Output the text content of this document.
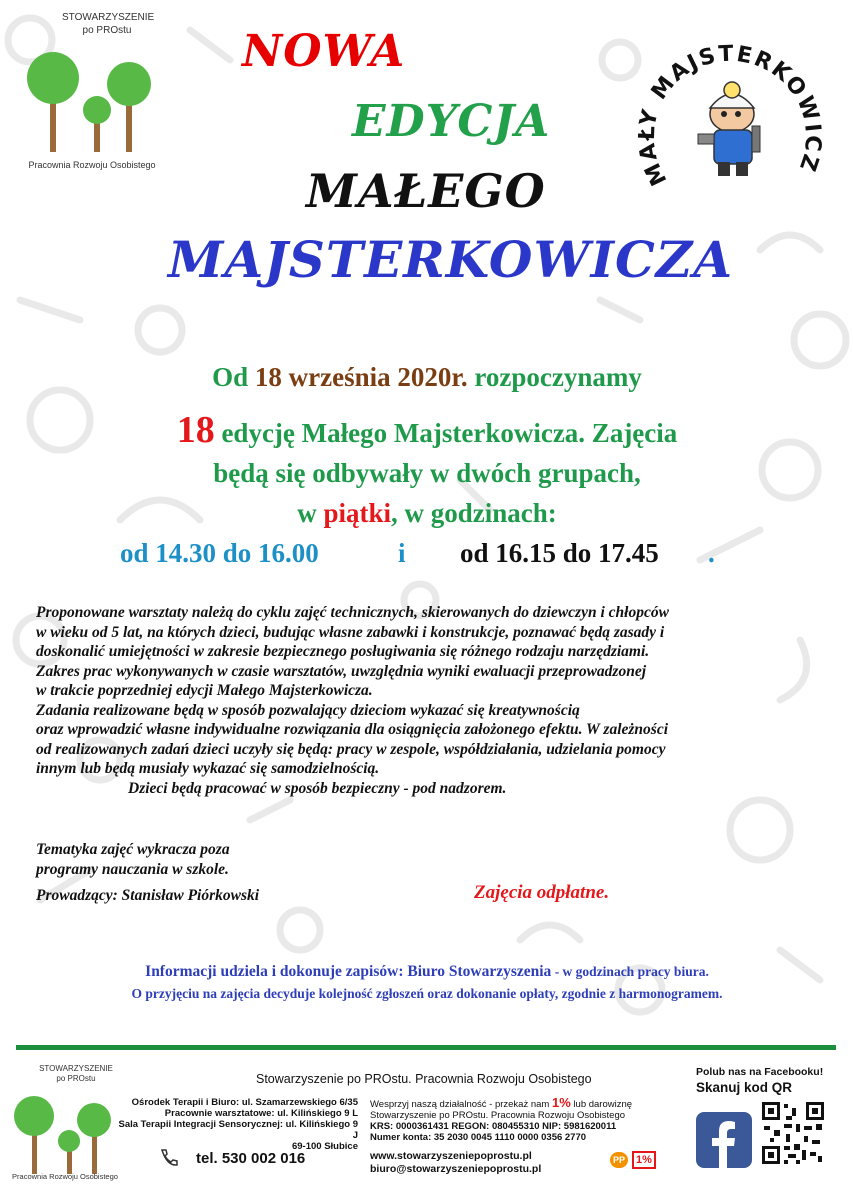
STOWARZYSZENIE
po PROstu
Pracownia Rozwoju Osobistego
NOWA
EDYCJA
MAŁEGO
MAJSTERKOWICZA
MAŁY MAJSTERKOWICZ
Od 18 września 2020r. rozpoczynamy
18 edycję Małego Majsterkowicza. Zajęcia
będą się odbywały w dwóch grupach,
w piątki, w godzinach:
od 14.30 do 16.00	i od 16.15 do 17.45 .
Proponowane warsztaty należą do cyklu zajęć technicznych, skierowanych do dziewczyn i chłopców
w wieku od 5 lat, na których dzieci, budując własne zabawki i konstrukcje, poznawać będą zasady i
doskonalić umiejętności w zakresie bezpiecznego posługiwania się różnego rodzaju narzędziami.
Zakres prac wykonywanych w czasie warsztatów, uwzględnia wyniki ewaluacji przeprowadzonej
w trakcie poprzedniej edycji Małego Majsterkowicza.
Zadania realizowane będą w sposób pozwalający dzieciom wykazać się kreatywnością
oraz wprowadzić własne indywidualne rozwiązania dla osiągnięcia założonego efektu. W zależności
od realizowanych zadań dzieci uczyły się będą: pracy w zespole, współdziałania, udzielania pomocy
innym lub będą musiały wykazać się samodzielnością.
Dzieci będą pracować w sposób bezpieczny - pod nadzorem.
Tematyka zajęć wykracza poza
programy nauczania w szkole.
Prowadzący: Stanisław Piórkowski	Zajęcia odpłatne.
Informacji udziela i dokonuje zapisów: Biuro Stowarzyszenia - w godzinach pracy biura.
O przyjęciu na zajęcia decyduje kolejność zgłoszeń oraz dokonanie opłaty, zgodnie z harmonogramem.
STOWARZYSZENIE
po PROstu
Pracownia Rozwoju Osobistego
Stowarzyszenie po PROstu. Pracownia Rozwoju Osobistego
Ośrodek Terapii i Biuro: ul. Szamarzewskiego 6/35
Pracownie warsztatowe: ul. Kilińskiego 9 L
Sala Terapii Integracji Sensorycznej: ul. Kilińskiego 9 J
69-100 Słubice
tel. 530 002 016
Wesprzyj naszą działalność - przekaż nam 1% lub darowiznę
Stowarzyszenie po PROstu. Pracownia Rozwoju Osobistego
KRS: 0000361431 REGON: 080455310 NIP: 5981620011
Numer konta: 35 2030 0045 1110 0000 0356 2770
www.stowarzyszeniepoprostu.pl
biuro@stowarzyszeniepoprostu.pl
PP	1%
Polub nas na Facebooku!
Skanuj kod QR
